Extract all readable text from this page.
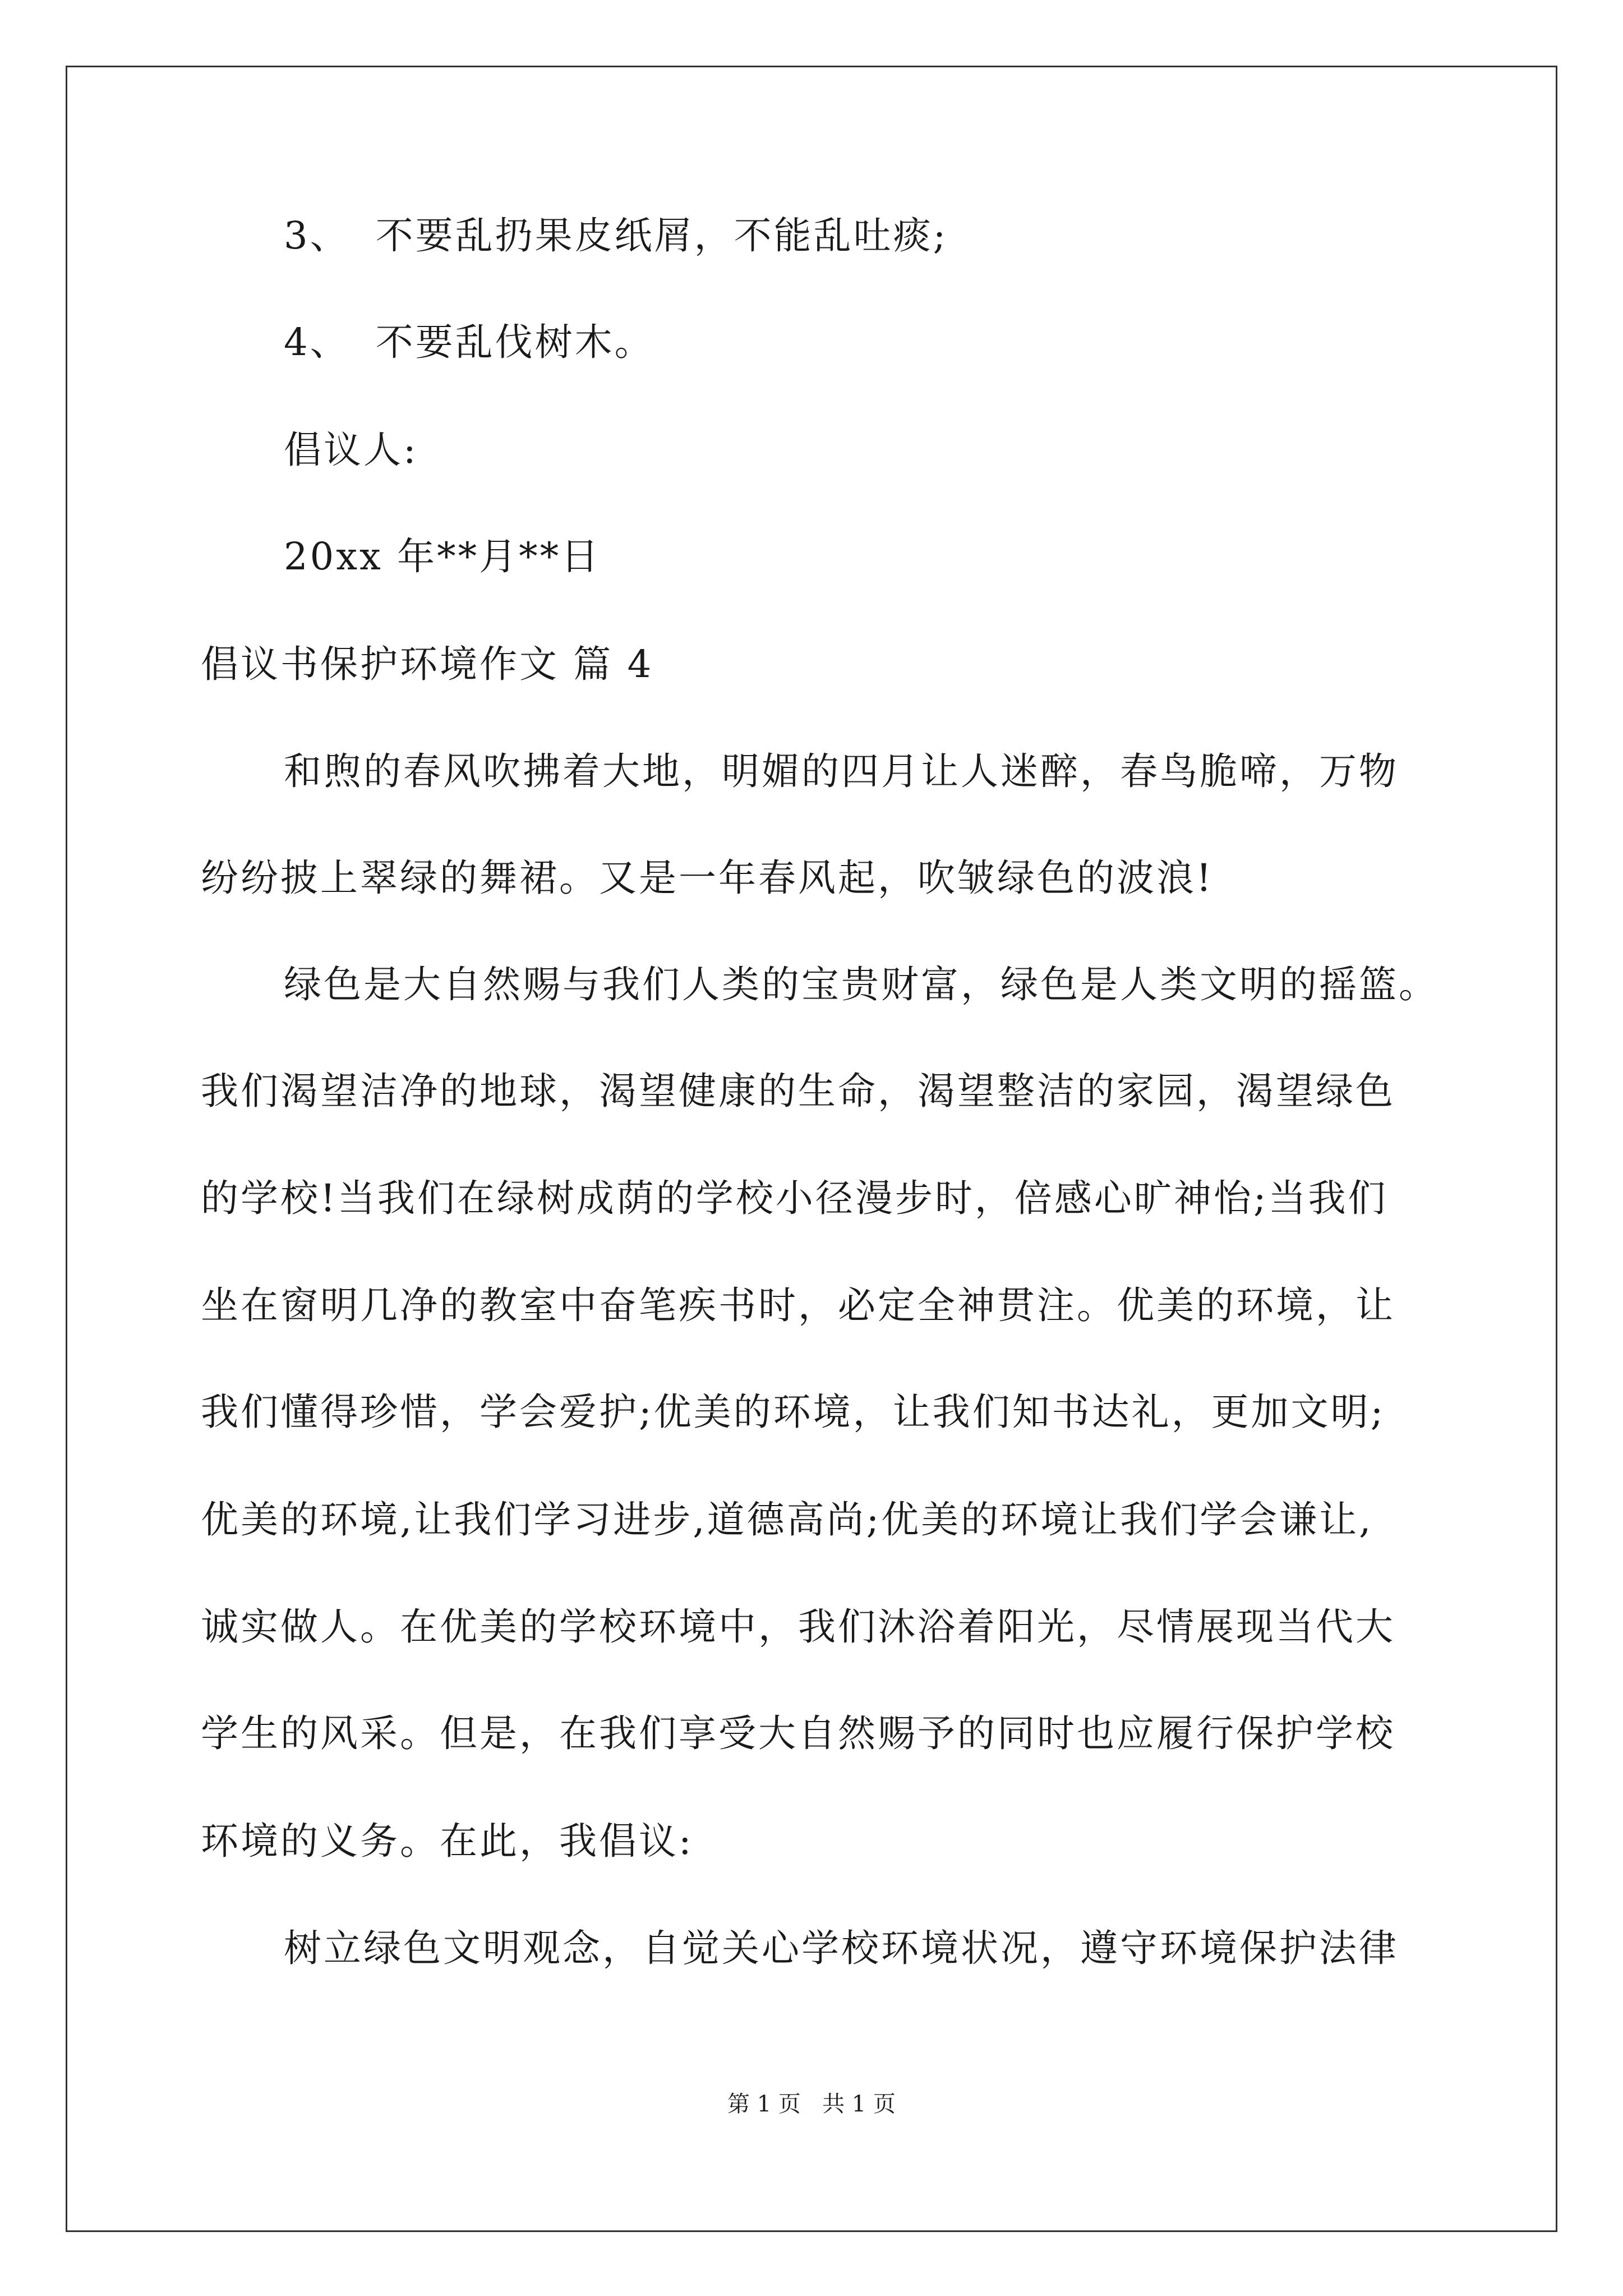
3、 不要乱扔果皮纸屑，不能乱吐痰;
4、 不要乱伐树木。
倡议人:
20xx 年**月**日
倡议书保护环境作文 篇 4
和煦的春风吹拂着大地，明媚的四月让人迷醉，春鸟脆啼，万物
纷纷披上翠绿的舞裙。又是一年春风起，吹皱绿色的波浪!
绿色是大自然赐与我们人类的宝贵财富，绿色是人类文明的摇篮。
我们渴望洁净的地球，渴望健康的生命，渴望整洁的家园，渴望绿色
的学校!当我们在绿树成荫的学校小径漫步时，倍感心旷神怡;当我们
坐在窗明几净的教室中奋笔疾书时，必定全神贯注。优美的环境，让
我们懂得珍惜，学会爱护;优美的环境，让我们知书达礼，更加文明;
优美的环境,让我们学习进步,道德高尚;优美的环境让我们学会谦让,
诚实做人。在优美的学校环境中，我们沐浴着阳光，尽情展现当代大
学生的风采。但是，在我们享受大自然赐予的同时也应履行保护学校
环境的义务。在此，我倡议:
树立绿色文明观念，自觉关心学校环境状况，遵守环境保护法律
第 1 页   共 1 页
